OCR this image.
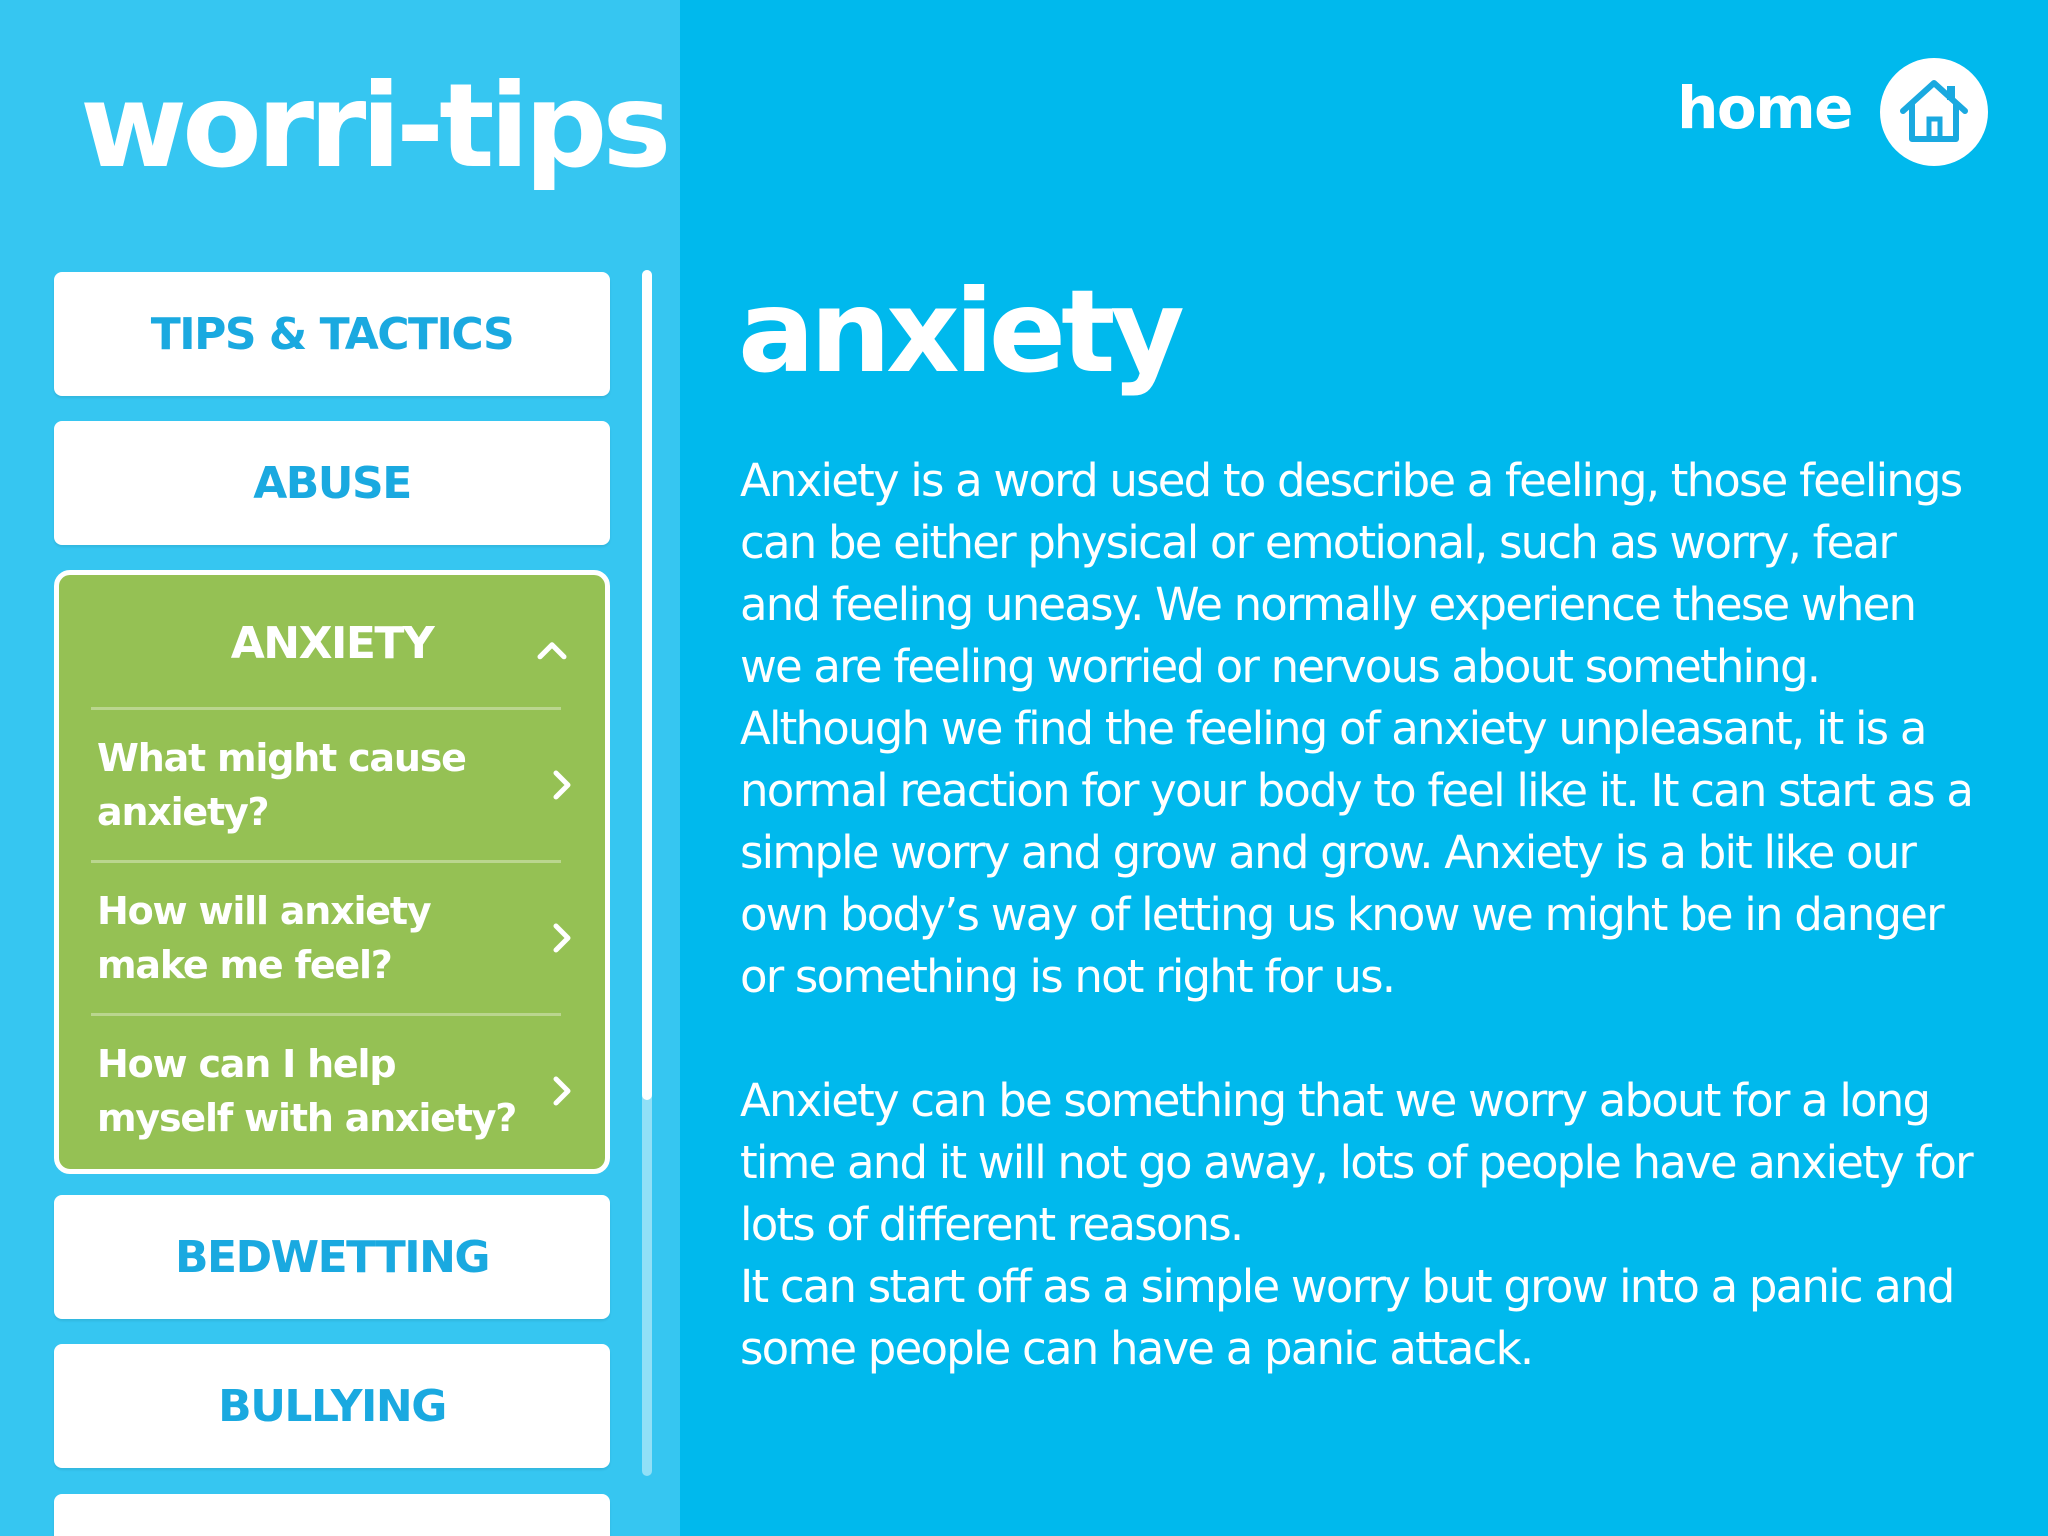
worri-tips
TIPS & TACTICS
ABUSE
ANXIETY
What might cause anxiety?
How will anxiety make me feel?
How can I help myself with anxiety?
BEDWETTING
BULLYING
home
anxiety

Anxiety is a word used to describe a feeling, those feelings can be either physical or emotional, such as worry, fear and feeling uneasy. We normally experience these when we are feeling worried or nervous about something. Although we find the feeling of anxiety unpleasant, it is a normal reaction for your body to feel like it. It can start as a simple worry and grow and grow. Anxiety is a bit like our own body’s way of letting us know we might be in danger or something is not right for us.

Anxiety can be something that we worry about for a long time and it will not go away, lots of people have anxiety for lots of different reasons.
It can start off as a simple worry but grow into a panic and some people can have a panic attack.
